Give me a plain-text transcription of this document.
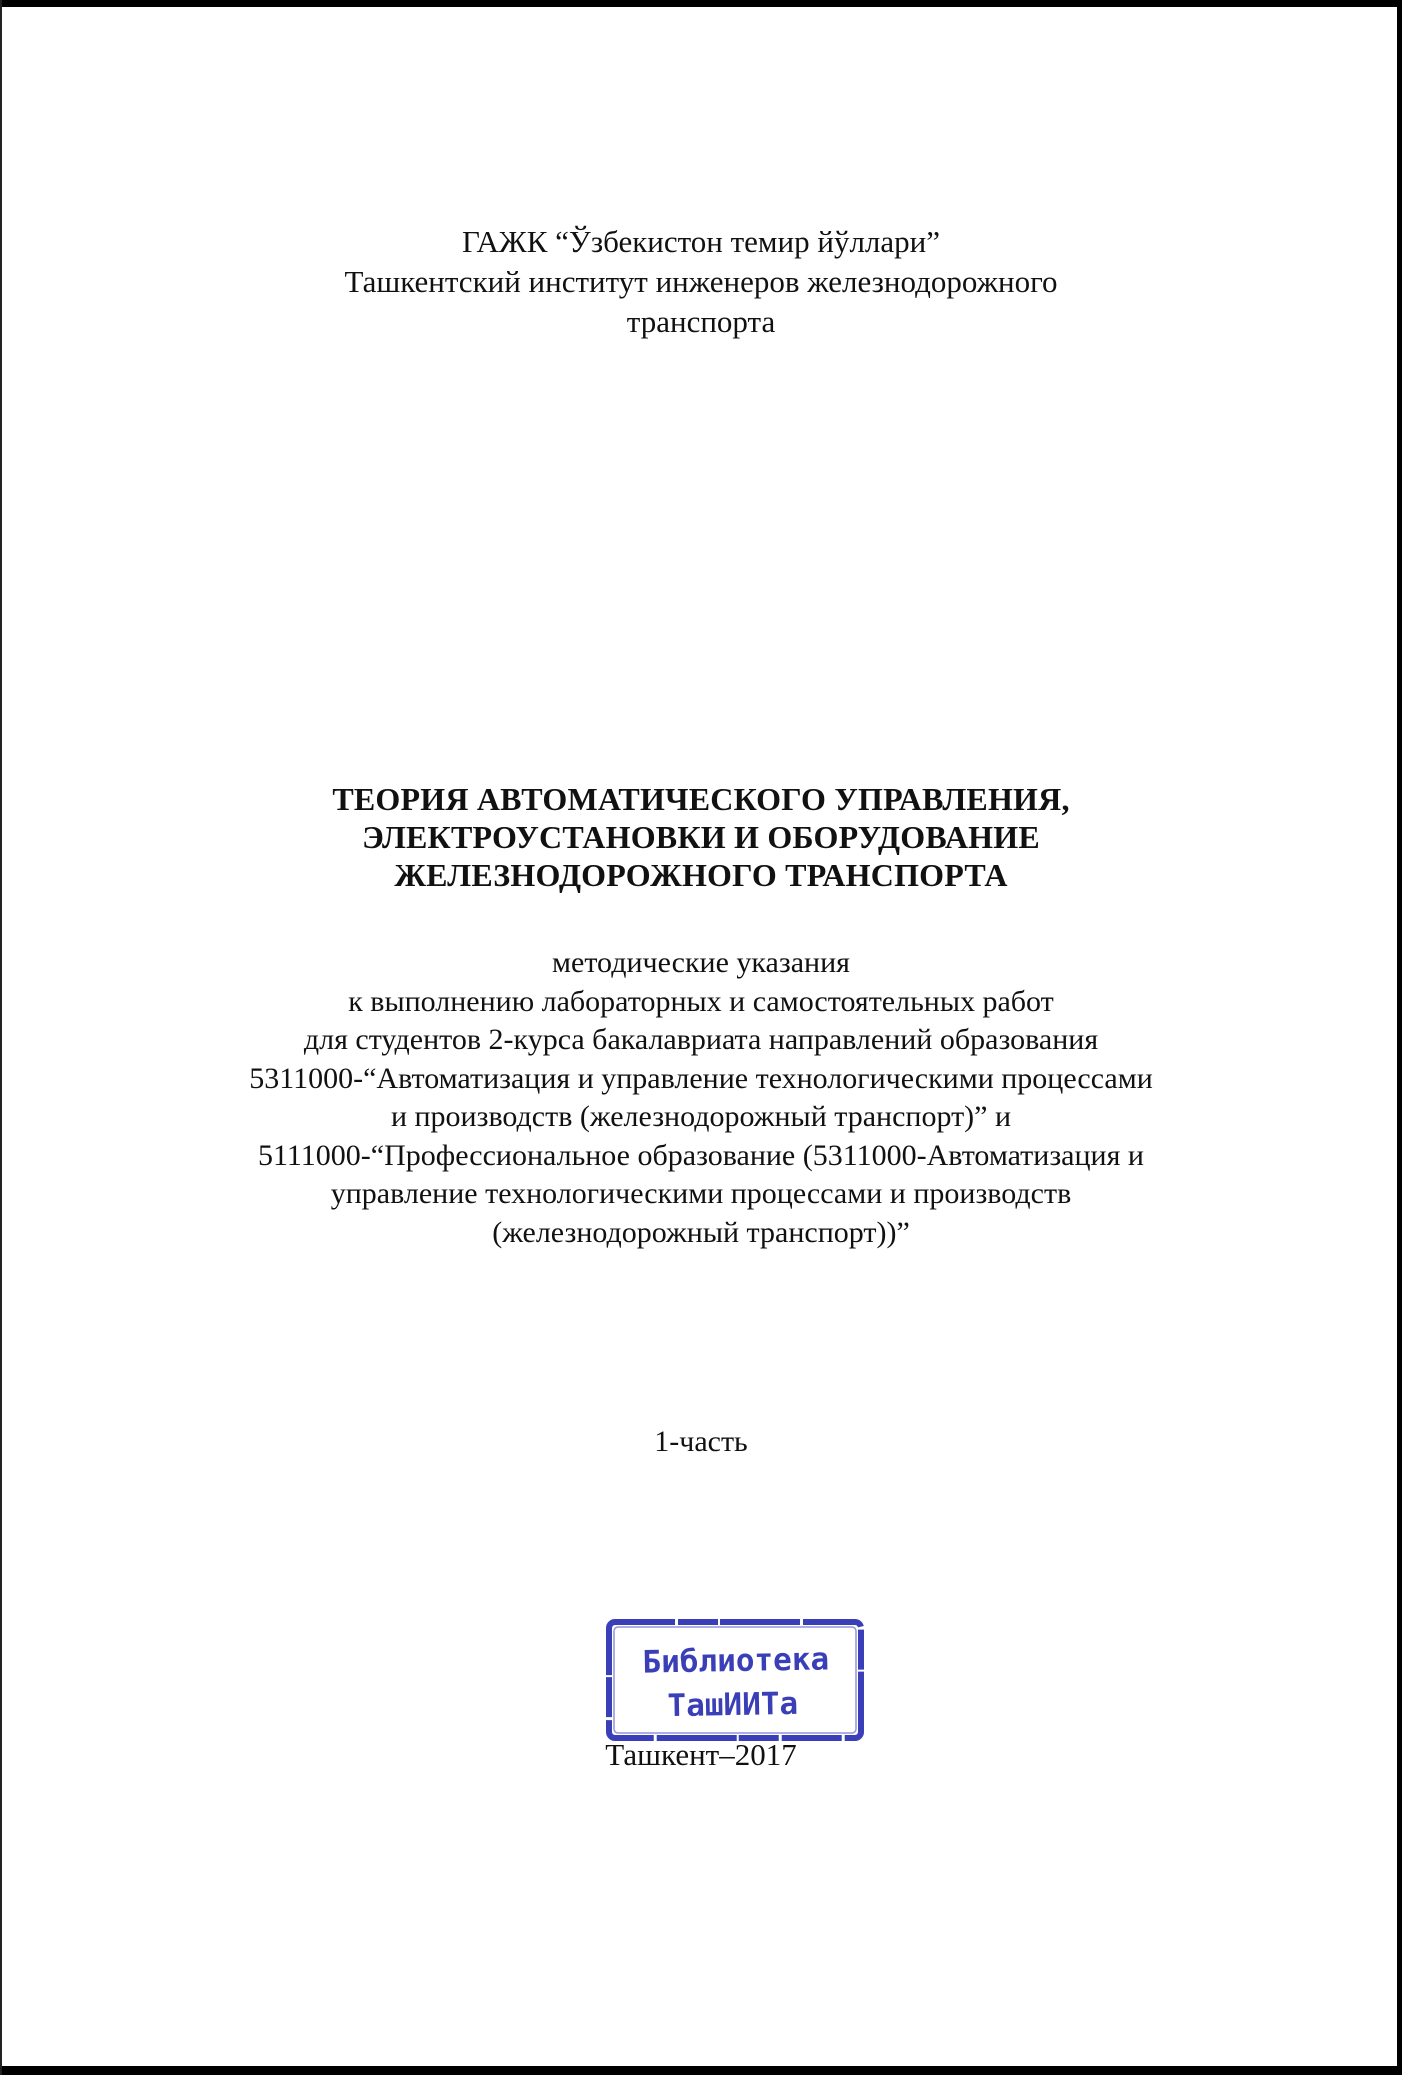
ГАЖК “Ўзбекистон темир йўллари”
Ташкентский институт инженеров железнодорожного
транспорта
ТЕОРИЯ АВТОМАТИЧЕСКОГО УПРАВЛЕНИЯ,
ЭЛЕКТРОУСТАНОВКИ И ОБОРУДОВАНИЕ
ЖЕЛЕЗНОДОРОЖНОГО ТРАНСПОРТА
методические указания
к выполнению лабораторных и самостоятельных работ
для студентов 2-курса бакалавриата направлений образования
5311000-“Автоматизация и управление технологическими процессами
и производств (железнодорожный транспорт)” и
5111000-“Профессиональное образование (5311000-Автоматизация и
управление технологическими процессами и производств
(железнодорожный транспорт))”
1-часть
Библиотека
ТашИИТа
Ташкент–2017
